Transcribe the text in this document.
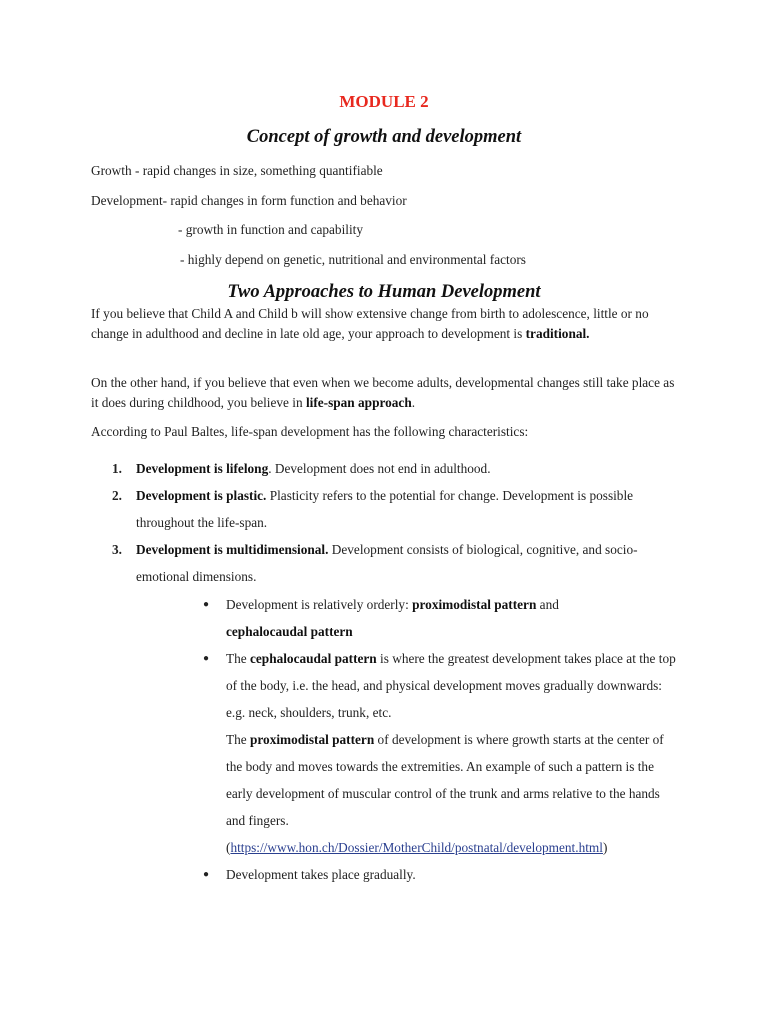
MODULE 2
Concept of growth and development
Growth - rapid changes in size, something quantifiable
Development- rapid changes in form function and behavior
- growth in function and capability
- highly depend on genetic, nutritional and environmental factors
Two Approaches to Human Development
If you believe that Child A and Child b will show extensive change from birth to adolescence, little or no change in adulthood and decline in late old age, your approach to development is traditional.
On the other hand, if you believe that even when we become adults, developmental changes still take place as it does during childhood, you believe in life-span approach.
According to Paul Baltes, life-span development has the following characteristics:
1. Development is lifelong. Development does not end in adulthood.
2. Development is plastic. Plasticity refers to the potential for change. Development is possible throughout the life-span.
3. Development is multidimensional. Development consists of biological, cognitive, and socio-emotional dimensions.
● Development is relatively orderly: proximodistal pattern and
cephalocaudal pattern
● The cephalocaudal pattern is where the greatest development takes place at the top of the body, i.e. the head, and physical development moves gradually downwards: e.g. neck, shoulders, trunk, etc.
The proximodistal pattern of development is where growth starts at the center of the body and moves towards the extremities. An example of such a pattern is the early development of muscular control of the trunk and arms relative to the hands and fingers.
(https://www.hon.ch/Dossier/MotherChild/postnatal/development.html)
● Development takes place gradually.
